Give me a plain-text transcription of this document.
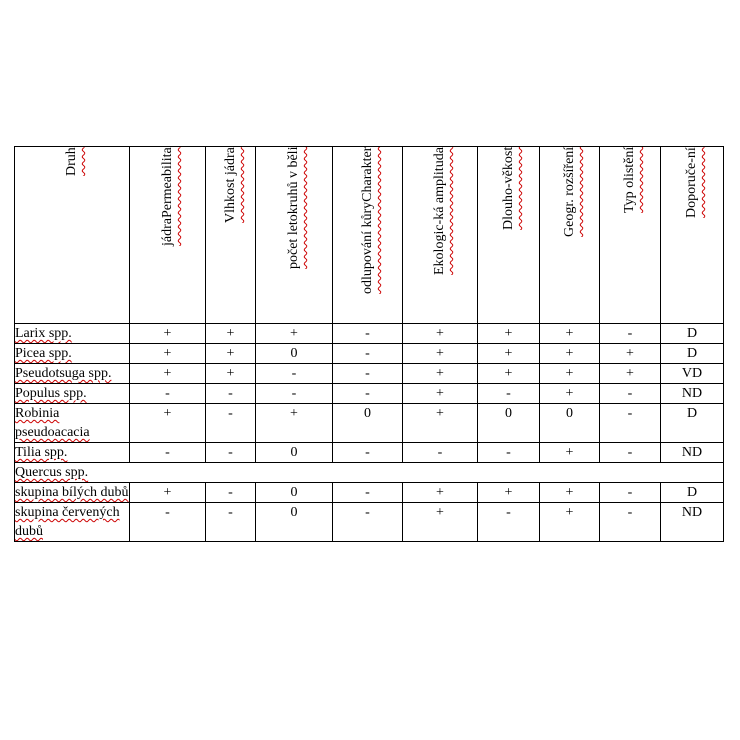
Druh	jádraPermeabilita	Vlhkost jádra	počet letokruhů v běli	odlupování kůryCharakter	Ekologic-ká amplituda	Dlouho-věkost	Geogr. rozšíření	Typ olistění	Doporuče-ní

Larix spp.	+	+	+	-	+	+	+	-	D
Picea spp.	+	+	0	-	+	+	+	+	D
Pseudotsuga spp.	+	+	-	-	+	+	+	+	VD
Populus spp.	-	-	-	-	+	-	+	-	ND
Robinia pseudoacacia	+	-	+	0	+	0	0	-	D
Tilia spp.	-	-	0	-	-	-	+	-	ND
Quercus spp.									
skupina bílých dubů	+	-	0	-	+	+	+	-	D
skupina červených dubů	-	-	0	-	+	-	+	-	ND
